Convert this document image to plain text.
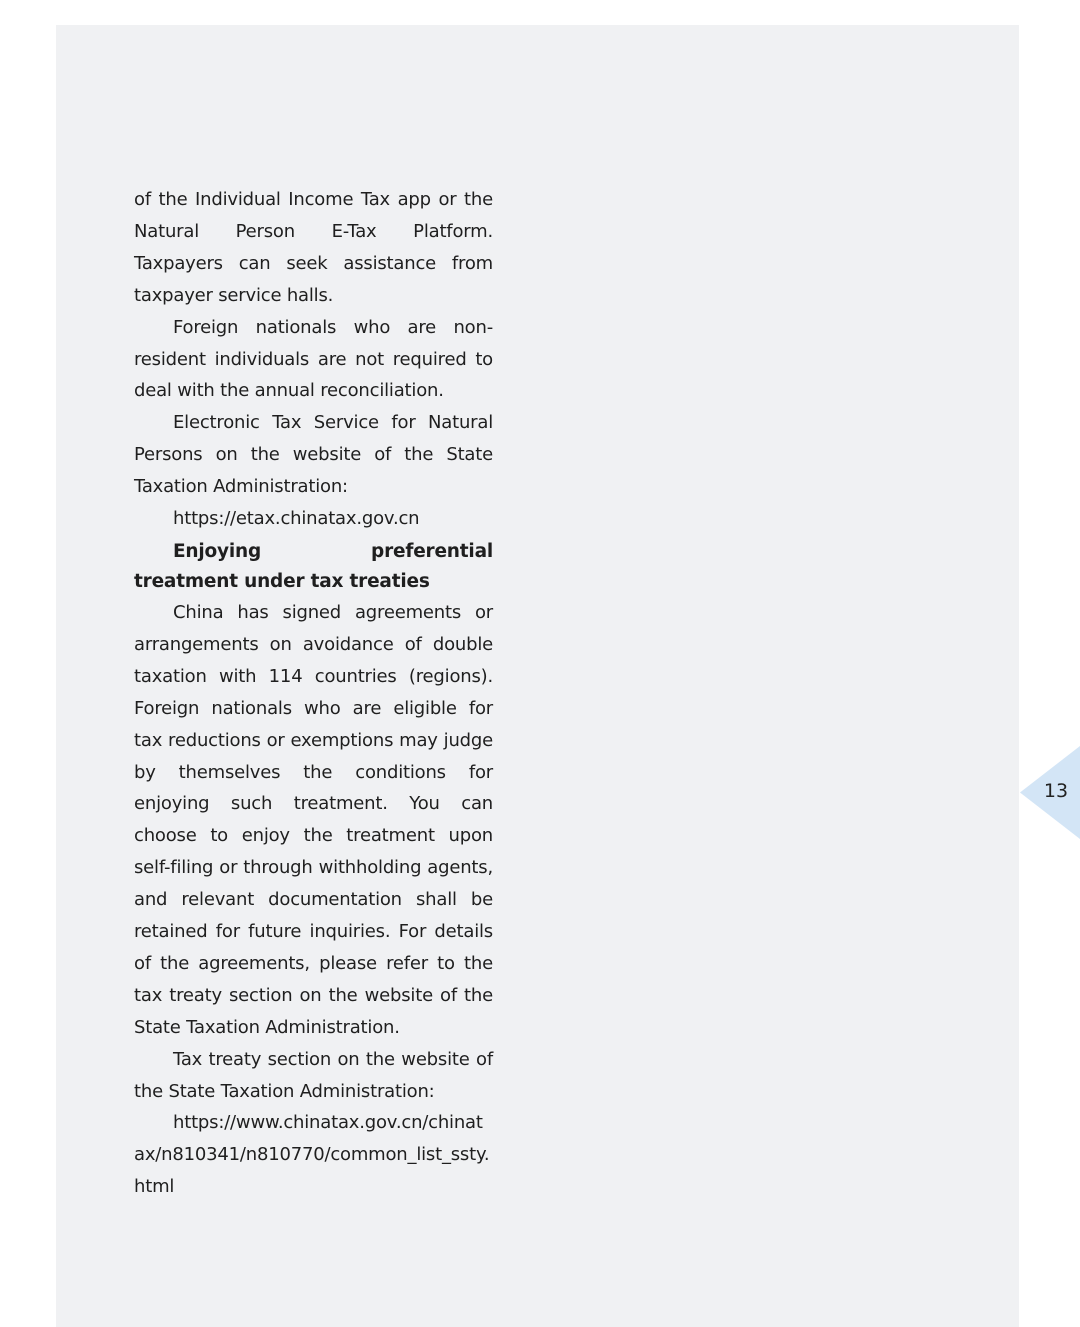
of the Individual Income Tax app or the Natural Person E-Tax Platform. Taxpayers can seek assistance from taxpayer service halls.

Foreign nationals who are non-resident individuals are not required to deal with the annual reconciliation.

Electronic Tax Service for Natural Persons on the website of the State Taxation Administration:

https://etax.chinatax.gov.cn

Enjoying preferential treatment under tax treaties

China has signed agreements or arrangements on avoidance of double taxation with 114 countries (regions). Foreign nationals who are eligible for tax reductions or exemptions may judge by themselves the conditions for enjoying such treatment. You can choose to enjoy the treatment upon self-filing or through withholding agents, and relevant documentation shall be retained for future inquiries. For details of the agreements, please refer to the tax treaty section on the website of the State Taxation Administration.

Tax treaty section on the website of the State Taxation Administration:

https://www.chinatax.gov.cn/chinatax/n810341/n810770/common_list_ssty.html

13
